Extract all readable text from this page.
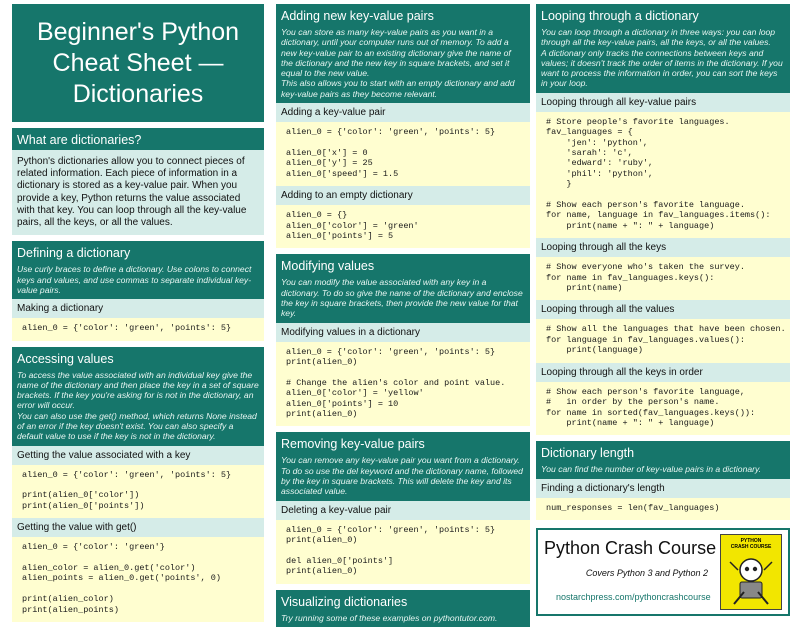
Beginner's Python
Cheat Sheet —
Dictionaries
What are dictionaries?
Python's dictionaries allow you to connect pieces of related information. Each piece of information in a dictionary is stored as a key-value pair. When you provide a key, Python returns the value associated with that key. You can loop through all the key-value pairs, all the keys, or all the values.
Defining a dictionary
Use curly braces to define a dictionary. Use colons to connect keys and values, and use commas to separate individual key-value pairs.
Making a dictionary
alien_0 = {'color': 'green', 'points': 5}
Accessing values
To access the value associated with an individual key give the name of the dictionary and then place the key in a set of square brackets. If the key you're asking for is not in the dictionary, an error will occur.
You can also use the get() method, which returns None instead of an error if the key doesn't exist. You can also specify a default value to use if the key is not in the dictionary.
Getting the value associated with a key
alien_0 = {'color': 'green', 'points': 5}

print(alien_0['color'])
print(alien_0['points'])
Getting the value with get()
alien_0 = {'color': 'green'}

alien_color = alien_0.get('color')
alien_points = alien_0.get('points', 0)

print(alien_color)
print(alien_points)
Adding new key-value pairs
You can store as many key-value pairs as you want in a dictionary, until your computer runs out of memory. To add a new key-value pair to an existing dictionary give the name of the dictionary and the new key in square brackets, and set it equal to the new value.
This also allows you to start with an empty dictionary and add key-value pairs as they become relevant.
Adding a key-value pair
alien_0 = {'color': 'green', 'points': 5}

alien_0['x'] = 0
alien_0['y'] = 25
alien_0['speed'] = 1.5
Adding to an empty dictionary
alien_0 = {}
alien_0['color'] = 'green'
alien_0['points'] = 5
Modifying values
You can modify the value associated with any key in a dictionary. To do so give the name of the dictionary and enclose the key in square brackets, then provide the new value for that key.
Modifying values in a dictionary
alien_0 = {'color': 'green', 'points': 5}
print(alien_0)

# Change the alien's color and point value.
alien_0['color'] = 'yellow'
alien_0['points'] = 10
print(alien_0)
Removing key-value pairs
You can remove any key-value pair you want from a dictionary. To do so use the del keyword and the dictionary name, followed by the key in square brackets. This will delete the key and its associated value.
Deleting a key-value pair
alien_0 = {'color': 'green', 'points': 5}
print(alien_0)

del alien_0['points']
print(alien_0)
Visualizing dictionaries
Try running some of these examples on pythontutor.com.
Looping through a dictionary
You can loop through a dictionary in three ways: you can loop through all the key-value pairs, all the keys, or all the values.
A dictionary only tracks the connections between keys and values; it doesn't track the order of items in the dictionary. If you want to process the information in order, you can sort the keys in your loop.
Looping through all key-value pairs
# Store people's favorite languages.
fav_languages = {
'jen': 'python',
'sarah': 'c',
'edward': 'ruby',
'phil': 'python',
}

# Show each person's favorite language.
for name, language in fav_languages.items():
print(name + ": " + language)
Looping through all the keys
# Show everyone who's taken the survey.
for name in fav_languages.keys():
print(name)
Looping through all the values
# Show all the languages that have been chosen.
for language in fav_languages.values():
print(language)
Looping through all the keys in order
# Show each person's favorite language,
#   in order by the person's name.
for name in sorted(fav_languages.keys()):
print(name + ": " + language)
Dictionary length
You can find the number of key-value pairs in a dictionary.
Finding a dictionary's length
num_responses = len(fav_languages)
Python Crash Course
Covers Python 3 and Python 2
nostarchpress.com/pythoncrashcourse
PYTHON
CRASH COURSE
